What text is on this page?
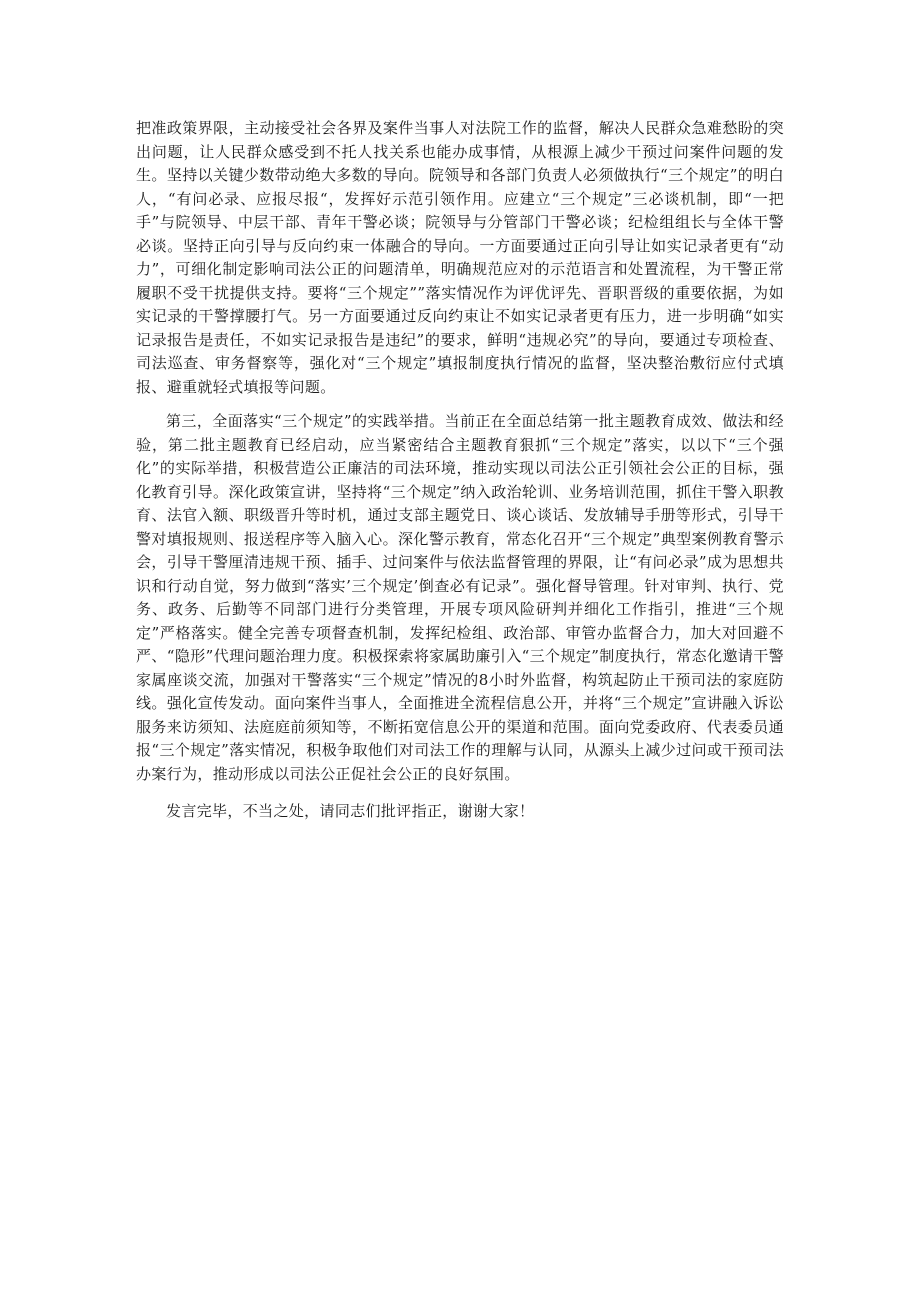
把准政策界限，主动接受社会各界及案件当事人对法院工作的监督，解决人民群众急难愁盼的突出问题，让人民群众感受到不托人找关系也能办成事情，从根源上减少干预过问案件问题的发生。坚持以关键少数带动绝大多数的导向。院领导和各部门负责人必须做执行“三个规定”的明白人，“有问必录、应报尽报“，发挥好示范引领作用。应建立“三个规定”三必谈机制，即“一把手”与院领导、中层干部、青年干警必谈；院领导与分管部门干警必谈；纪检组组长与全体干警必谈。坚持正向引导与反向约束一体融合的导向。一方面要通过正向引导让如实记录者更有“动力”，可细化制定影响司法公正的问题清单，明确规范应对的示范语言和处置流程，为干警正常履职不受干扰提供支持。要将“三个规定””落实情况作为评优评先、晋职晋级的重要依据，为如实记录的干警撑腰打气。另一方面要通过反向约束让不如实记录者更有压力，进一步明确“如实记录报告是责任，不如实记录报告是违纪”的要求，鲜明“违规必究”的导向，要通过专项检查、司法巡查、审务督察等，强化对“三个规定”填报制度执行情况的监督，坚决整治敷衍应付式填报、避重就轻式填报等问题。

第三，全面落实“三个规定”的实践举措。当前正在全面总结第一批主题教育成效、做法和经验，第二批主题教育已经启动，应当紧密结合主题教育狠抓“三个规定”落实，以以下“三个强化”的实际举措，积极营造公正廉洁的司法环境，推动实现以司法公正引领社会公正的目标，强化教育引导。深化政策宣讲，坚持将“三个规定”纳入政治轮训、业务培训范围，抓住干警入职教育、法官入额、职级晋升等时机，通过支部主题党日、谈心谈话、发放辅导手册等形式，引导干警对填报规则、报送程序等入脑入心。深化警示教育，常态化召开“三个规定”典型案例教育警示会，引导干警厘清违规干预、插手、过问案件与依法监督管理的界限，让“有问必录”成为思想共识和行动自觉，努力做到“落实’三个规定’倒查必有记录”。强化督导管理。针对审判、执行、党务、政务、后勤等不同部门进行分类管理，开展专项风险研判并细化工作指引，推进“三个规定”严格落实。健全完善专项督查机制，发挥纪检组、政治部、审管办监督合力，加大对回避不严、“隐形”代理问题治理力度。积极探索将家属助廉引入“三个规定”制度执行，常态化邀请干警家属座谈交流，加强对干警落实“三个规定”情况的8小时外监督，构筑起防止干预司法的家庭防线。强化宣传发动。面向案件当事人，全面推进全流程信息公开，并将“三个规定”宣讲融入诉讼服务来访须知、法庭庭前须知等，不断拓宽信息公开的渠道和范围。面向党委政府、代表委员通报“三个规定”落实情况，积极争取他们对司法工作的理解与认同，从源头上减少过问或干预司法办案行为，推动形成以司法公正促社会公正的良好氛围。

发言完毕，不当之处，请同志们批评指正，谢谢大家！
